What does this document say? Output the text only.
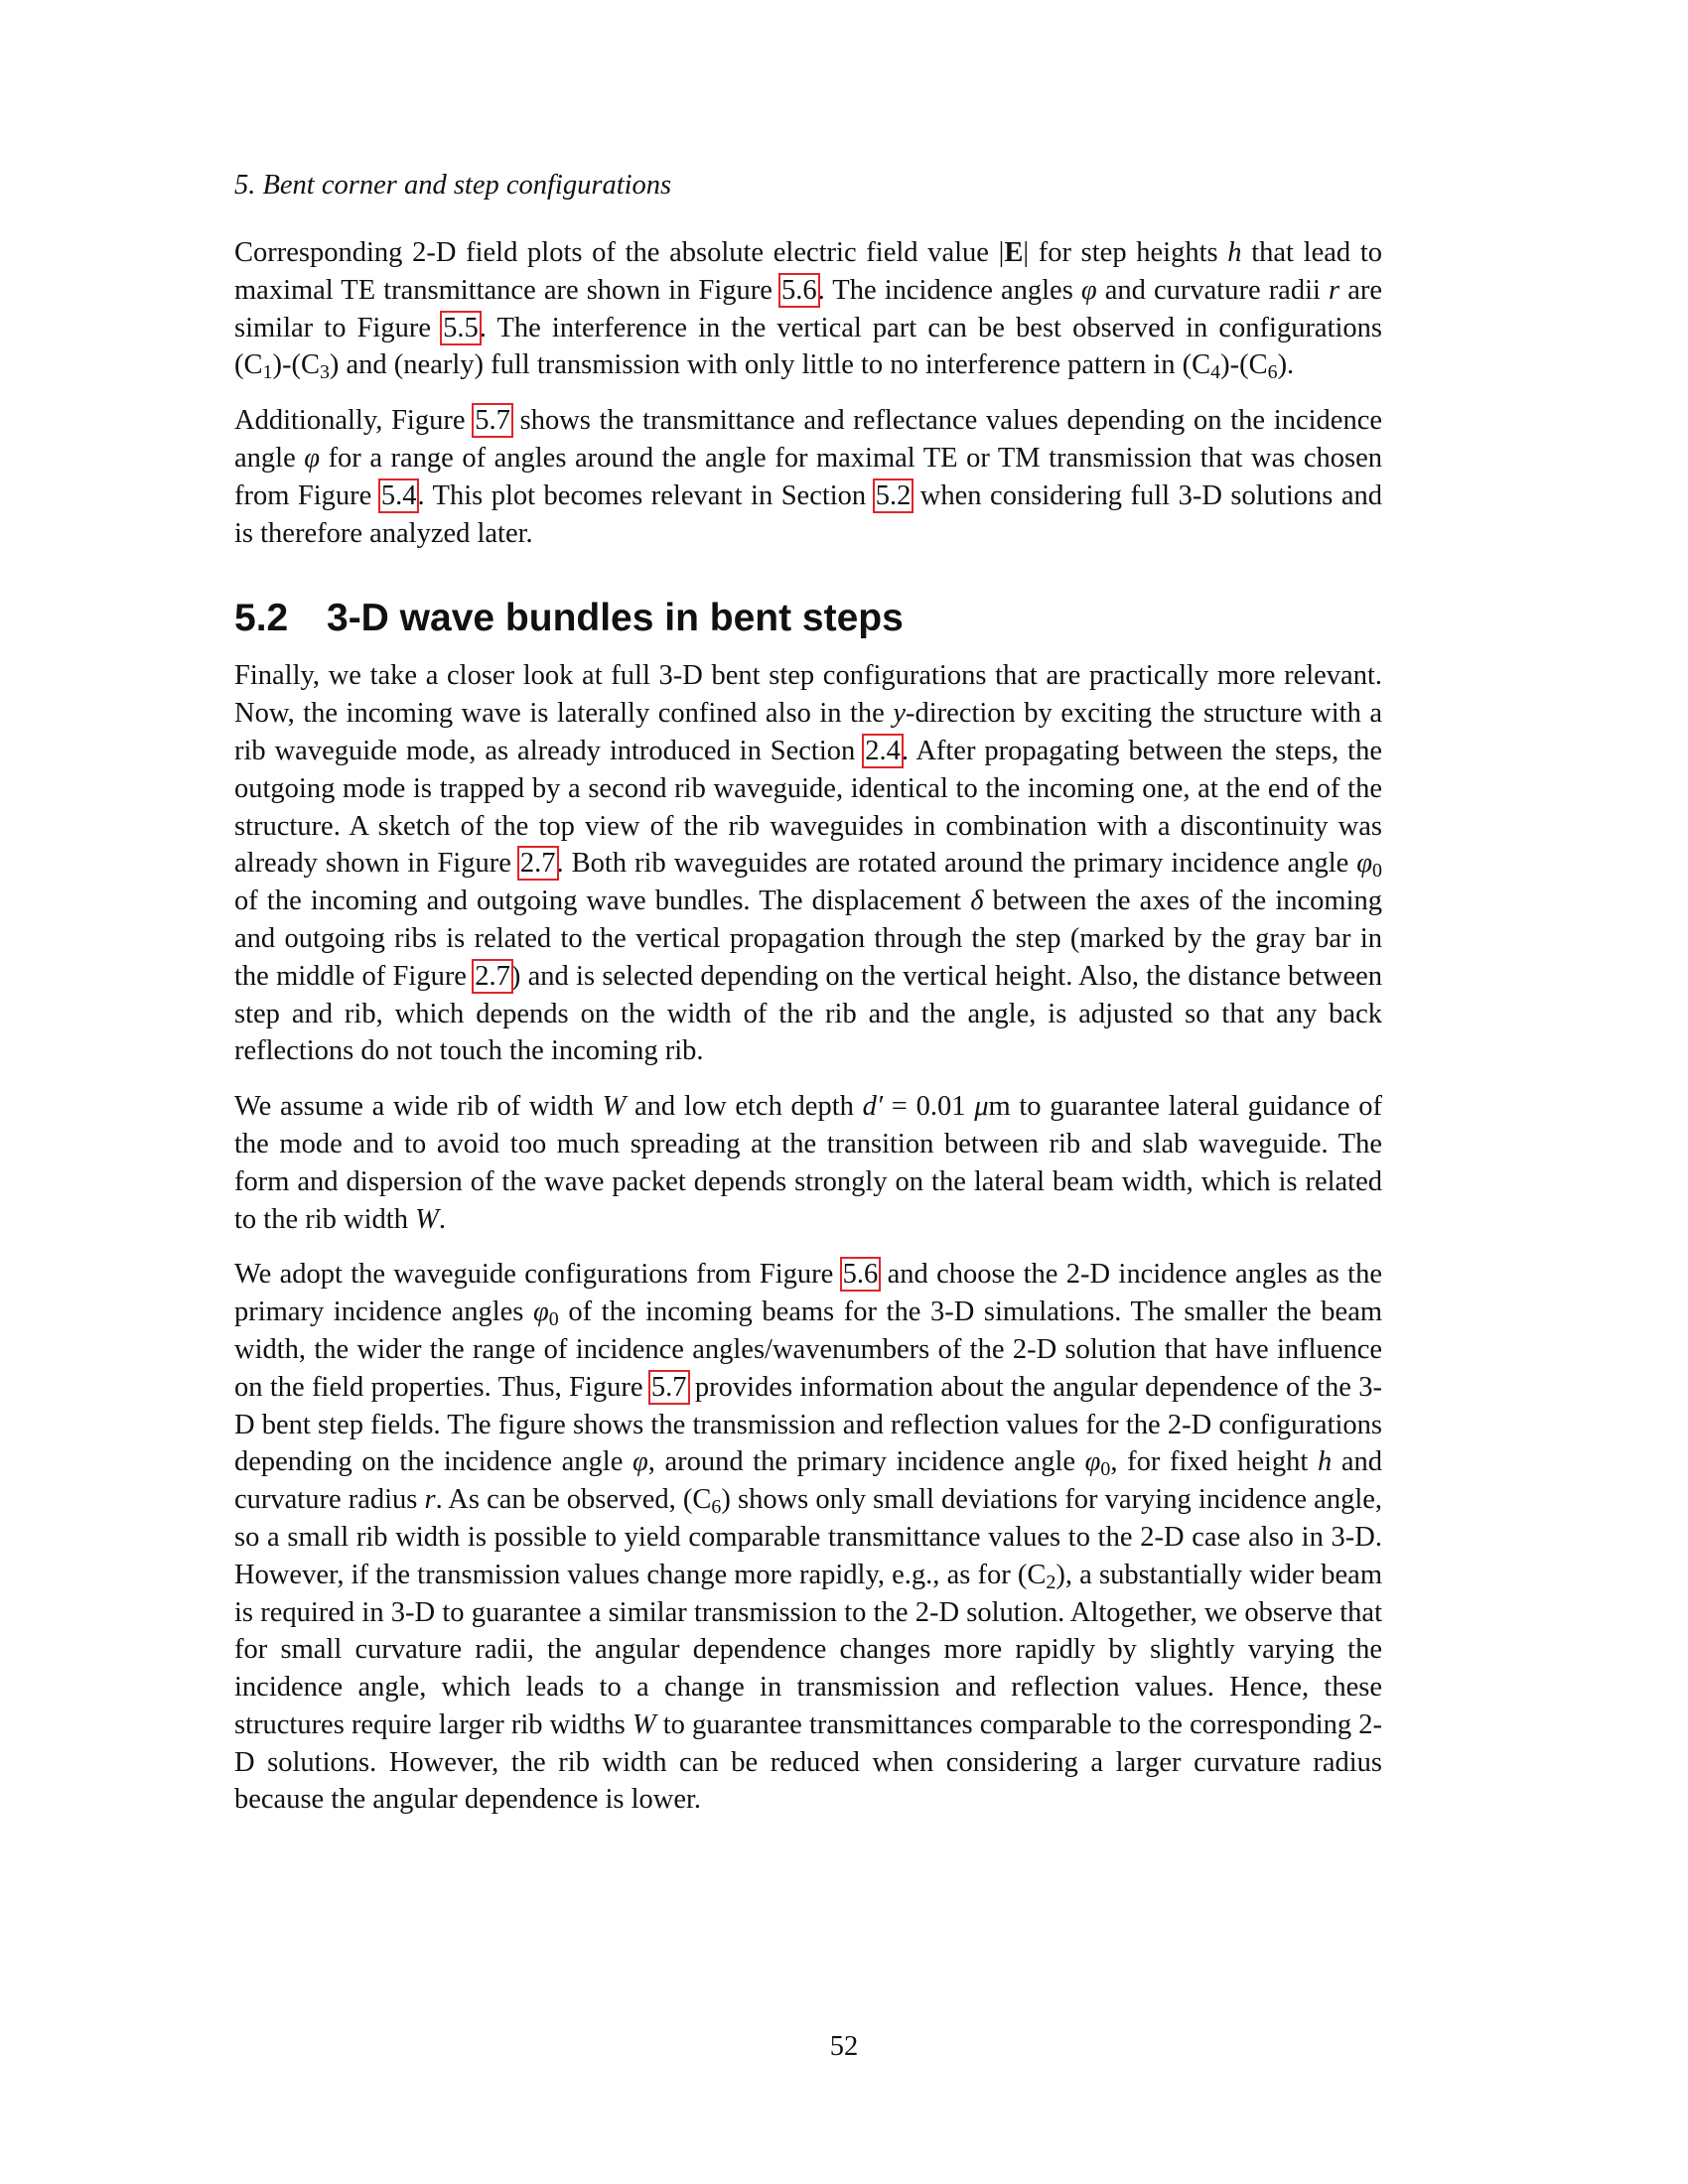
5. Bent corner and step configurations

Corresponding 2-D field plots of the absolute electric field value |E| for step heights h that lead to maximal TE transmittance are shown in Figure 5.6. The incidence angles φ and curvature radii r are similar to Figure 5.5. The interference in the vertical part can be best observed in configurations $(C_1)-(C_3)$ and (nearly) full transmission with only little to no interference pattern in $(C_4)-(C_6)$.

Additionally, Figure 5.7 shows the transmittance and reflectance values depending on the incidence angle φ for a range of angles around the angle for maximal TE or TM transmission that was chosen from Figure 5.4. This plot becomes relevant in Section 5.2 when considering full 3-D solutions and is therefore analyzed later.

5.2 3-D wave bundles in bent steps

Finally, we take a closer look at full 3-D bent step configurations that are practically more relevant. Now, the incoming wave is laterally confined also in the y-direction by exciting the structure with a rib waveguide mode, as already introduced in Section 2.4. After propagating between the steps, the outgoing mode is trapped by a second rib waveguide, identical to the incoming one, at the end of the structure. A sketch of the top view of the rib waveguides in combination with a discontinuity was already shown in Figure 2.7. Both rib waveguides are rotated around the primary incidence angle $\varphi_0$ of the incoming and outgoing wave bundles. The displacement δ between the axes of the incoming and outgoing ribs is related to the vertical propagation through the step (marked by the gray bar in the middle of Figure 2.7) and is selected depending on the vertical height. Also, the distance between step and rib, which depends on the width of the rib and the angle, is adjusted so that any back reflections do not touch the incoming rib.

We assume a wide rib of width W and low etch depth d′ = 0.01 μm to guarantee lateral guidance of the mode and to avoid too much spreading at the transition between rib and slab waveguide. The form and dispersion of the wave packet depends strongly on the lateral beam width, which is related to the rib width W.

We adopt the waveguide configurations from Figure 5.6 and choose the 2-D incidence angles as the primary incidence angles $\varphi_0$ of the incoming beams for the 3-D simulations. The smaller the beam width, the wider the range of incidence angles/wavenumbers of the 2-D solution that have influence on the field properties. Thus, Figure 5.7 provides information about the angular dependence of the 3-D bent step fields. The figure shows the transmission and reflection values for the 2-D configurations depending on the incidence angle φ, around the primary incidence angle $\varphi_0$, for fixed height h and curvature radius r. As can be observed, $(C_6)$ shows only small deviations for varying incidence angle, so a small rib width is possible to yield comparable transmittance values to the 2-D case also in 3-D. However, if the transmission values change more rapidly, e.g., as for $(C_2)$, a substantially wider beam is required in 3-D to guarantee a similar transmission to the 2-D solution. Altogether, we observe that for small curvature radii, the angular dependence changes more rapidly by slightly varying the incidence angle, which leads to a change in transmission and reflection values. Hence, these structures require larger rib widths W to guarantee transmittances comparable to the corresponding 2-D solutions. However, the rib width can be reduced when considering a larger curvature radius because the angular dependence is lower.

52
